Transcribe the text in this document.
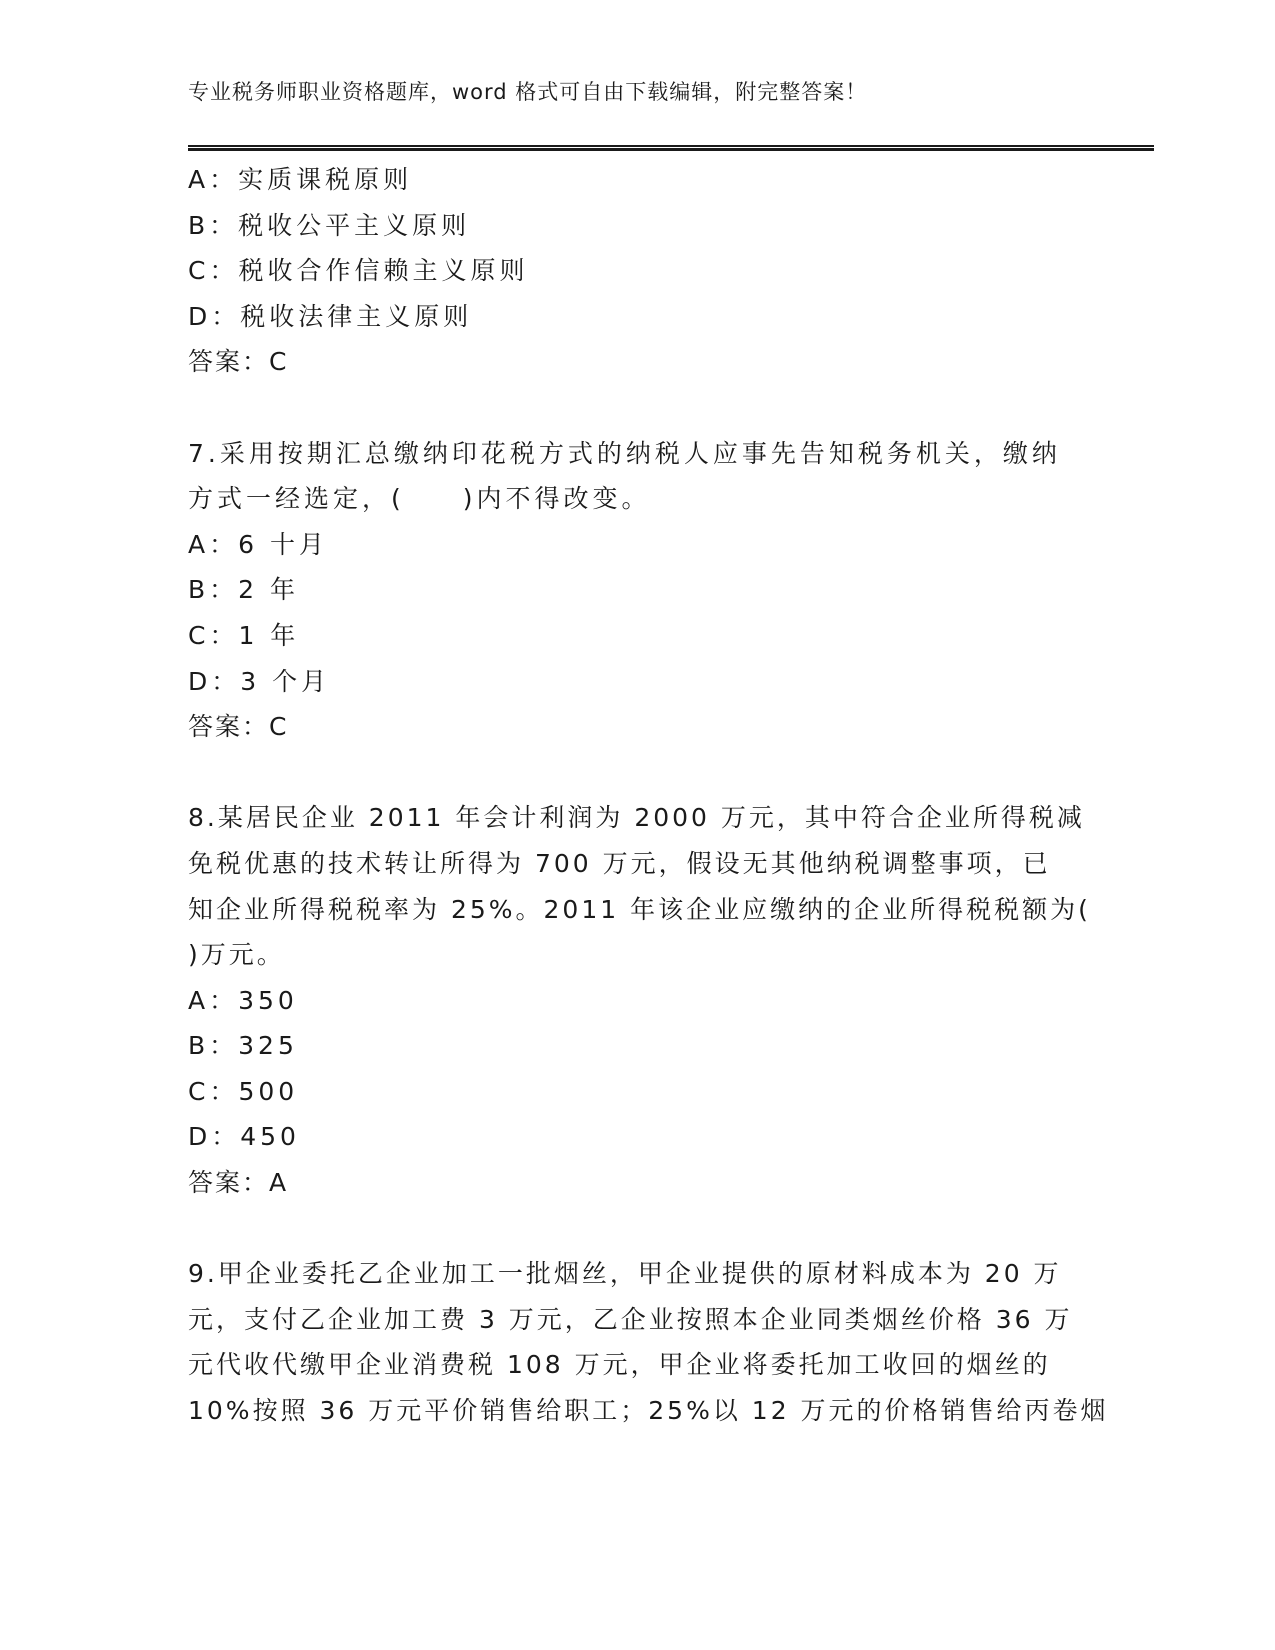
专业税务师职业资格题库，word 格式可自由下载编辑，附完整答案！
A：实质课税原则
B：税收公平主义原则
C：税收合作信赖主义原则
D：税收法律主义原则
答案：C
7.采用按期汇总缴纳印花税方式的纳税人应事先告知税务机关，缴纳
方式一经选定，(　　)内不得改变。
A：6 十月
B：2 年
C：1 年
D：3 个月
答案：C
8.某居民企业 2011 年会计利润为 2000 万元，其中符合企业所得税减
免税优惠的技术转让所得为 700 万元，假设无其他纳税调整事项，已
知企业所得税税率为 25%。2011 年该企业应缴纳的企业所得税税额为(
)万元。
A：350
B：325
C：500
D：450
答案：A
9.甲企业委托乙企业加工一批烟丝，甲企业提供的原材料成本为 20 万
元，支付乙企业加工费 3 万元，乙企业按照本企业同类烟丝价格 36 万
元代收代缴甲企业消费税 108 万元，甲企业将委托加工收回的烟丝的
10%按照 36 万元平价销售给职工；25%以 12 万元的价格销售给丙卷烟
